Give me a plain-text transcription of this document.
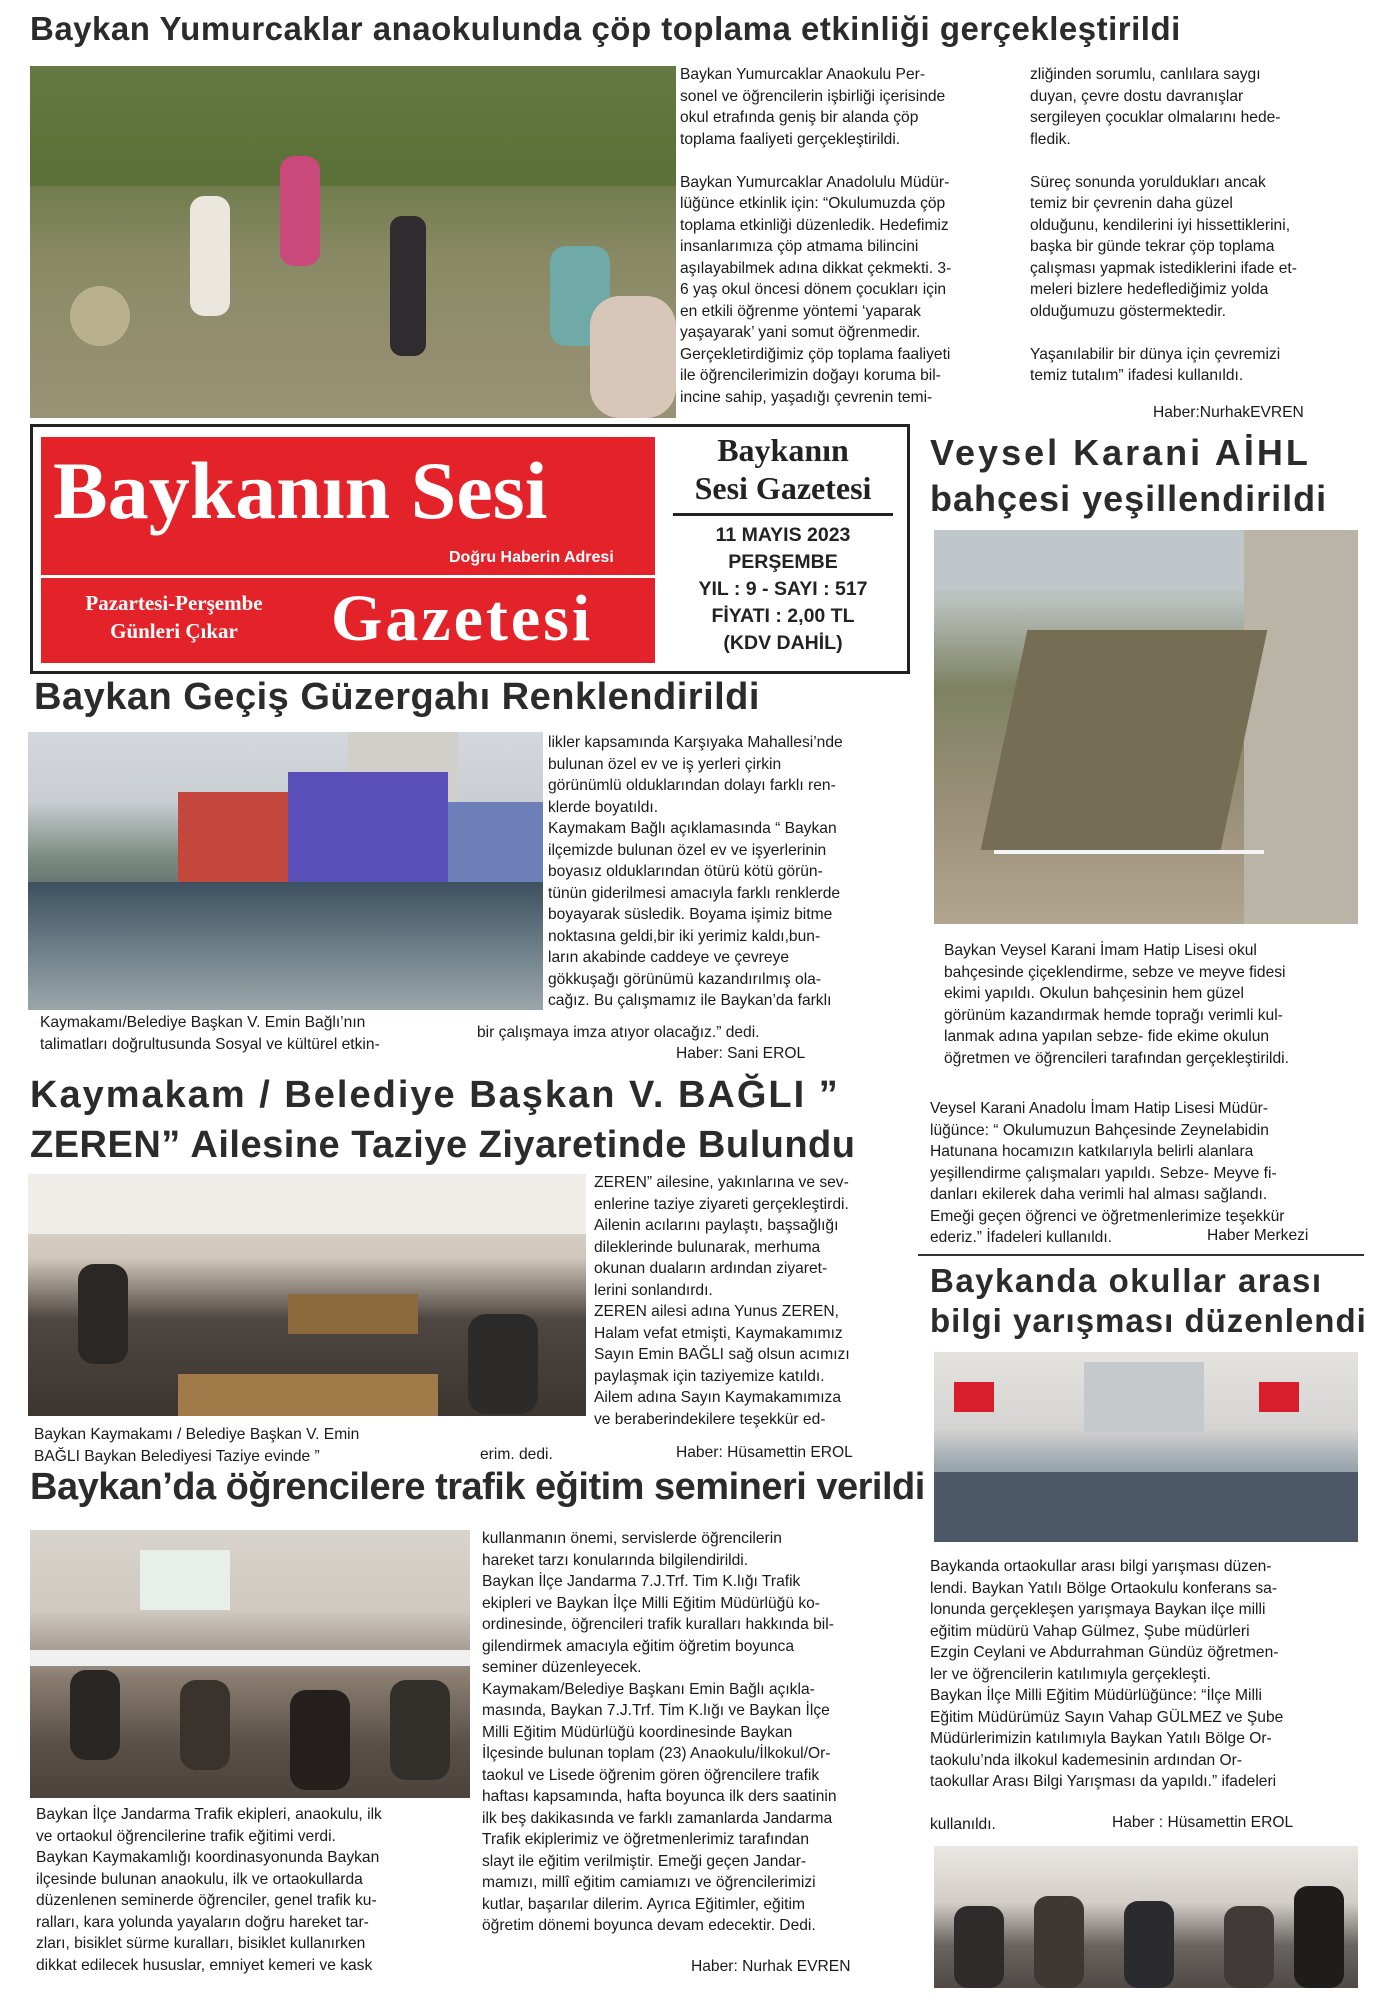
Baykan Yumurcaklar anaokulunda çöp toplama etkinliği gerçekleştirildi

Baykan Yumurcaklar Anaokulu Per-
sonel ve öğrencilerin işbirliği içerisinde
okul etrafında geniş bir alanda çöp
toplama faaliyeti gerçekleştirildi.

Baykan Yumurcaklar Anadolulu Müdür-
lüğünce etkinlik için: “Okulumuzda çöp
toplama etkinliği düzenledik. Hedefimiz
insanlarımıza çöp atmama bilincini
aşılayabilmek adına dikkat çekmekti. 3-
6 yaş okul öncesi dönem çocukları için
en etkili öğrenme yöntemi ‘yaparak
yaşayarak’ yani somut öğrenmedir.
Gerçekletirdiğimiz çöp toplama faaliyeti
ile öğrencilerimizin doğayı koruma bil-
incine sahip, yaşadığı çevrenin temi-

zliğinden sorumlu, canlılara saygı
duyan, çevre dostu davranışlar
sergileyen çocuklar olmalarını hede-
fledik.

Süreç sonunda yoruldukları ancak
temiz bir çevrenin daha güzel
olduğunu, kendilerini iyi hissettiklerini,
başka bir günde tekrar çöp toplama
çalışması yapmak istediklerini ifade et-
meleri bizlere hedeflediğimiz yolda
olduğumuzu göstermektedir.

Yaşanılabilir bir dünya için çevremizi
temiz tutalım” ifadesi kullanıldı.

Haber:NurhakEVREN

Baykanın Sesi

Doğru Haberin Adresi

Pazartesi-Perşembe
Günleri Çıkar	Gazetesi

Baykanın
Sesi Gazetesi

11 MAYIS 2023

PERŞEMBE

YIL : 9 - SAYI : 517

FİYATI : 2,00 TL

(KDV DAHİL)

Baykan Geçiş Güzergahı Renklendirildi

likler kapsamında Karşıyaka Mahallesi’nde
bulunan özel ev ve iş yerleri çirkin
görünümlü olduklarından dolayı farklı ren-
klerde boyatıldı.
Kaymakam Bağlı açıklamasında “ Baykan
ilçemizde bulunan özel ev ve işyerlerinin
boyasız olduklarından ötürü kötü görün-
tünün giderilmesi amacıyla farklı renklerde
boyayarak süsledik. Boyama işimiz bitme
noktasına geldi,bir iki yerimiz kaldı,bun-
ların akabinde caddeye ve çevreye
gökkuşağı görünümü kazandırılmış ola-
cağız. Bu çalışmamız ile Baykan’da farklı

Kaymakamı/Belediye Başkan V. Emin Bağlı’nın
talimatları doğrultusunda Sosyal ve kültürel etkin-

bir çalışmaya imza atıyor olacağız.” dedi.

Haber: Sani EROL
Veysel Karani AİHL
bahçesi yeşillendirildi

Baykan Veysel Karani İmam Hatip Lisesi okul
bahçesinde çiçeklendirme, sebze ve meyve fidesi
ekimi yapıldı. Okulun bahçesinin hem güzel
görünüm kazandırmak hemde toprağı verimli kul-
lanmak adına yapılan sebze- fide ekime okulun
öğretmen ve öğrencileri tarafından gerçekleştirildi.

Veysel Karani Anadolu İmam Hatip Lisesi Müdür-
lüğünce: “ Okulumuzun Bahçesinde Zeynelabidin
Hatunana hocamızın katkılarıyla belirli alanlara
yeşillendirme çalışmaları yapıldı. Sebze- Meyve fi-
danları ekilerek daha verimli hal alması sağlandı.
Emeği geçen öğrenci ve öğretmenlerimize teşekkür

ederiz.” İfadeleri kullanıldı.	Haber Merkezi
Kaymakam / Belediye Başkan V. BAĞLI ”
ZEREN” Ailesine Taziye Ziyaretinde Bulundu

ZEREN” ailesine, yakınlarına ve sev-
enlerine taziye ziyareti gerçekleştirdi.
Ailenin acılarını paylaştı, başsağlığı
dileklerinde bulunarak, merhuma
okunan duaların ardından ziyaret-
lerini sonlandırdı.
ZEREN ailesi adına Yunus ZEREN,
Halam vefat etmişti, Kaymakamımız
Sayın Emin BAĞLI sağ olsun acımızı
paylaşmak için taziyemize katıldı.
Ailem adına Sayın Kaymakamımıza
ve beraberindekilere teşekkür ed-

Baykan Kaymakamı / Belediye Başkan V. Emin
BAĞLI Baykan Belediyesi Taziye evinde ”	erim. dedi.	Haber: Hüsamettin EROL
Baykanda okullar arası
bilgi yarışması düzenlendi

Baykanda ortaokullar arası bilgi yarışması düzen-
lendi. Baykan Yatılı Bölge Ortaokulu konferans sa-
lonunda gerçekleşen yarışmaya Baykan ilçe milli
eğitim müdürü Vahap Gülmez, Şube müdürleri
Ezgin Ceylani ve Abdurrahman Gündüz öğretmen-
ler ve öğrencilerin katılımıyla gerçekleşti.
Baykan İlçe Milli Eğitim Müdürlüğünce: “İlçe Milli
Eğitim Müdürümüz Sayın Vahap GÜLMEZ ve Şube
Müdürlerimizin katılımıyla Baykan Yatılı Bölge Or-
taokulu’nda ilkokul kademesinin ardından Or-
taokullar Arası Bilgi Yarışması da yapıldı.” ifadeleri

kullanıldı.	Haber : Hüsamettin EROL
Baykan’da öğrencilere trafik eğitim semineri verildi

Baykan İlçe Jandarma Trafik ekipleri, anaokulu, ilk
ve ortaokul öğrencilerine trafik eğitimi verdi.
Baykan Kaymakamlığı koordinasyonunda Baykan
ilçesinde bulunan anaokulu, ilk ve ortaokullarda
düzenlenen seminerde öğrenciler, genel trafik ku-
ralları, kara yolunda yayaların doğru hareket tar-
zları, bisiklet sürme kuralları, bisiklet kullanırken
dikkat edilecek hususlar, emniyet kemeri ve kask

kullanmanın önemi, servislerde öğrencilerin
hareket tarzı konularında bilgilendirildi.
Baykan İlçe Jandarma 7.J.Trf. Tim K.lığı Trafik
ekipleri ve Baykan İlçe Milli Eğitim Müdürlüğü ko-
ordinesinde, öğrencileri trafik kuralları hakkında bil-
gilendirmek amacıyla eğitim öğretim boyunca
seminer düzenleyecek.
Kaymakam/Belediye Başkanı Emin Bağlı açıkla-
masında, Baykan 7.J.Trf. Tim K.lığı ve Baykan İlçe
Milli Eğitim Müdürlüğü koordinesinde Baykan
İlçesinde bulunan toplam (23) Anaokulu/İlkokul/Or-
taokul ve Lisede öğrenim gören öğrencilere trafik
haftası kapsamında, hafta boyunca ilk ders saatinin
ilk beş dakikasında ve farklı zamanlarda Jandarma
Trafik ekiplerimiz ve öğretmenlerimiz tarafından
slayt ile eğitim verilmiştir. Emeği geçen Jandar-
mamızı, millî eğitim camiamızı ve öğrencilerimizi
kutlar, başarılar dilerim. Ayrıca Eğitimler, eğitim
öğretim dönemi boyunca devam edecektir. Dedi.

Haber: Nurhak EVREN
